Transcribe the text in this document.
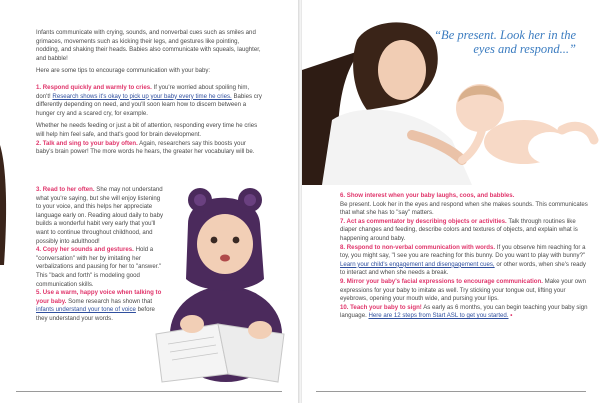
Infants communicate with crying, sounds, and nonverbal cues such as smiles and grimaces, movements such as kicking their legs, and gestures like pointing, nodding, and shaking their heads. Babies also communicate with squeals, laughter, and babble!

Here are some tips to encourage communication with your baby:

1. Respond quickly and warmly to cries. If you're worried about spoiling him, don't! Research shows it's okay to pick up your baby every time he cries. Babies cry differently depending on need, and you'll soon learn how to discern between a hunger cry and a scared cry, for example.

Whether he needs feeding or just a bit of attention, responding every time he cries will help him feel safe, and that's good for brain development.

2. Talk and sing to your baby often. Again, researchers say this boosts your baby's brain power! The more words he hears, the greater her vocabulary will be.

3. Read to her often. She may not understand what you're saying, but she will enjoy listening to your voice, and this helps her appreciate language early on. Reading aloud daily to baby builds a wonderful habit very early that you'll want to continue throughout childhood, and possibly into adulthood!

4. Copy her sounds and gestures. Hold a "conversation" with her by imitating her verbalizations and pausing for her to "answer." This "back and forth" is modeling good communication skills.

5. Use a warm, happy voice when talking to your baby. Some research has shown that infants understand your tone of voice before they understand your words.

“Be present. Look her in the eyes and respond...”

6. Show interest when your baby laughs, coos, and babbles.

Be present. Look her in the eyes and respond when she makes sounds. This communicates that what she has to "say" matters.

7. Act as commentator by describing objects or activities. Talk through routines like diaper changes and feeding, describe colors and textures of objects, and explain what is happening around baby.

8. Respond to non-verbal communication with words. If you observe him reaching for a toy, you might say, "I see you are reaching for this bunny. Do you want to play with bunny?" Learn your child's engagement and disengagement cues, or other words, when she's ready to interact and when she needs a break.

9. Mirror your baby's facial expressions to encourage communication. Make your own expressions for your baby to imitate as well. Try sticking your tongue out, lifting your eyebrows, opening your mouth wide, and pursing your lips.

10. Teach your baby to sign! As early as 6 months, you can begin teaching your baby sign language. Here are 12 steps from Start ASL to get you started. •
